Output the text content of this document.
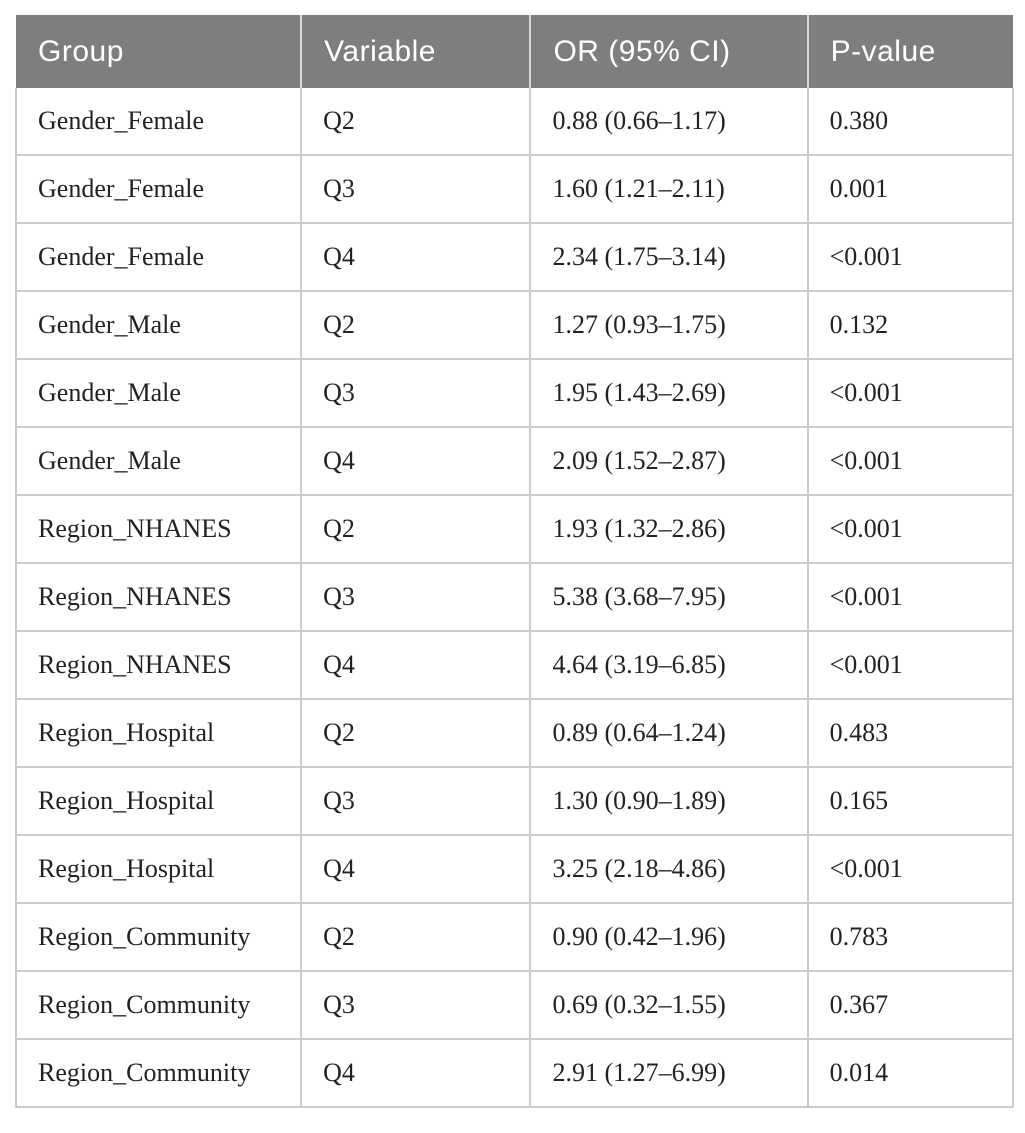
Group	Variable	OR (95% CI)	P-value
Gender_Female	Q2	0.88 (0.66–1.17)	0.380
Gender_Female	Q3	1.60 (1.21–2.11)	0.001
Gender_Female	Q4	2.34 (1.75–3.14)	<0.001
Gender_Male	Q2	1.27 (0.93–1.75)	0.132
Gender_Male	Q3	1.95 (1.43–2.69)	<0.001
Gender_Male	Q4	2.09 (1.52–2.87)	<0.001
Region_NHANES	Q2	1.93 (1.32–2.86)	<0.001
Region_NHANES	Q3	5.38 (3.68–7.95)	<0.001
Region_NHANES	Q4	4.64 (3.19–6.85)	<0.001
Region_Hospital	Q2	0.89 (0.64–1.24)	0.483
Region_Hospital	Q3	1.30 (0.90–1.89)	0.165
Region_Hospital	Q4	3.25 (2.18–4.86)	<0.001
Region_Community	Q2	0.90 (0.42–1.96)	0.783
Region_Community	Q3	0.69 (0.32–1.55)	0.367
Region_Community	Q4	2.91 (1.27–6.99)	0.014
